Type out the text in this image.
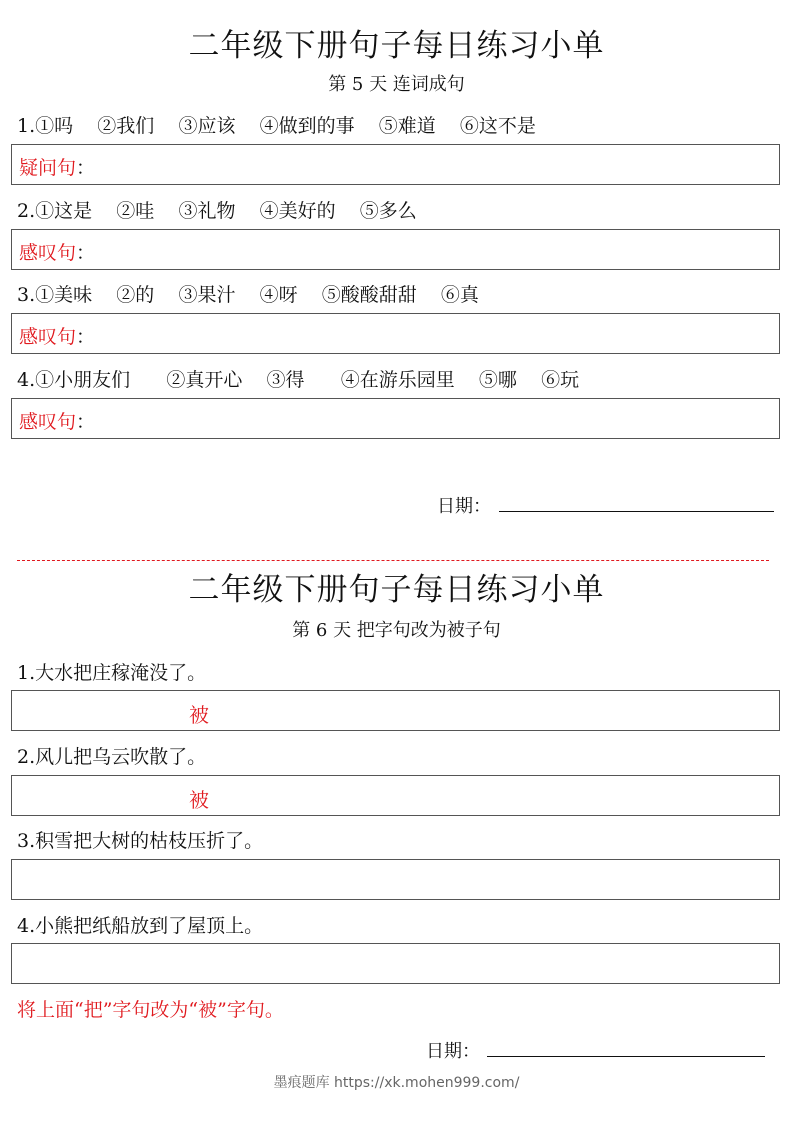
二年级下册句子每日练习小单
第 5 天 连词成句
1.①吗    ②我们    ③应该    ④做到的事    ⑤难道    ⑥这不是
疑问句：
2.①这是    ②哇    ③礼物    ④美好的    ⑤多么
感叹句：
3.①美味    ②的    ③果汁    ④呀    ⑤酸酸甜甜    ⑥真
感叹句：
4.①小朋友们      ②真开心    ③得      ④在游乐园里    ⑤哪    ⑥玩
感叹句：
日期：
二年级下册句子每日练习小单
第 6 天 把字句改为被子句
1.大水把庄稼淹没了。
被
2.风儿把乌云吹散了。
被
3.积雪把大树的枯枝压折了。
4.小熊把纸船放到了屋顶上。
将上面“把”字句改为“被”字句。
日期：
墨痕题库 https://xk.mohen999.com/
